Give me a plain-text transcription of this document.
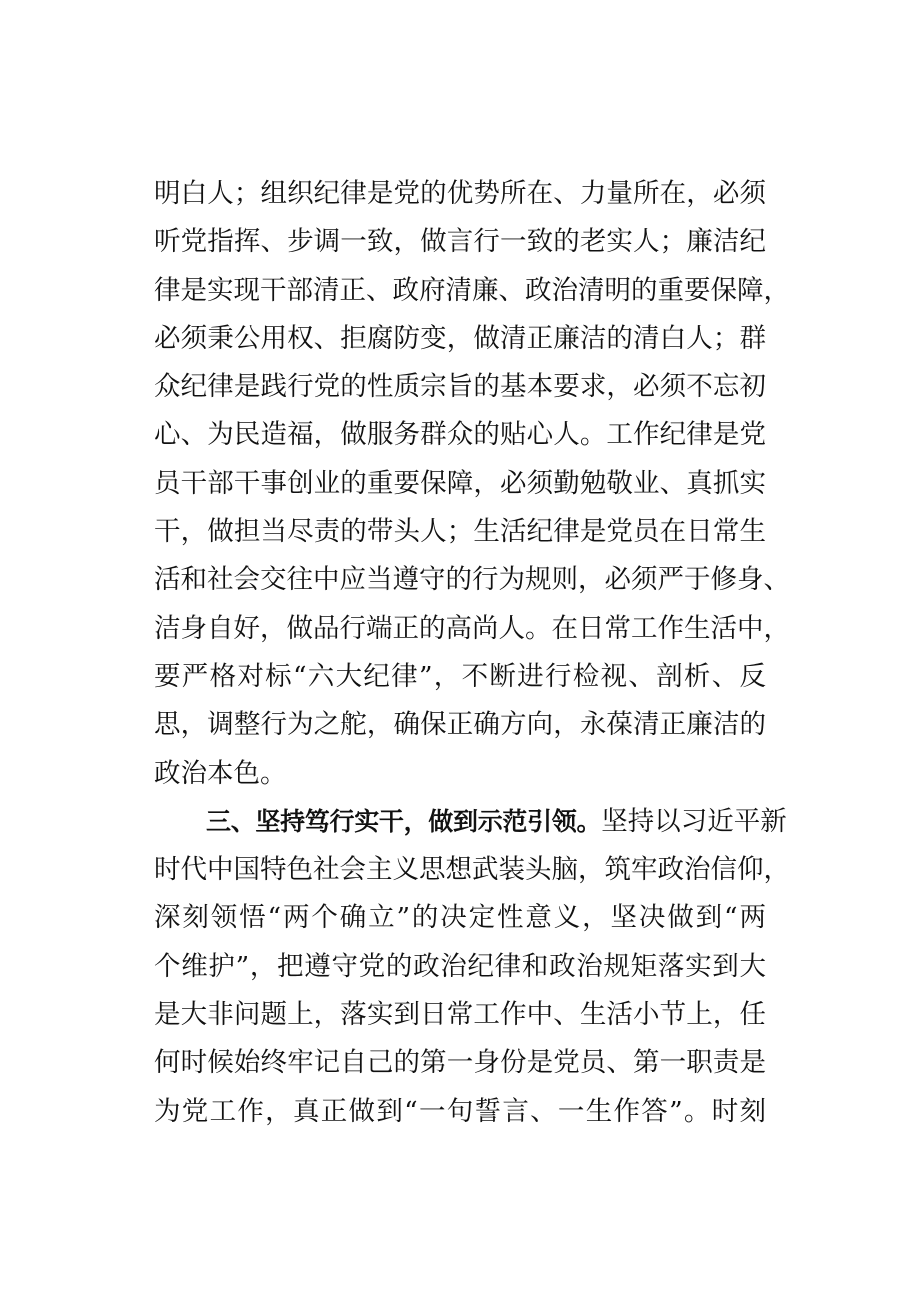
明白人；组织纪律是党的优势所在、力量所在，必须
听党指挥、步调一致，做言行一致的老实人；廉洁纪
律是实现干部清正、政府清廉、政治清明的重要保障，
必须秉公用权、拒腐防变，做清正廉洁的清白人；群
众纪律是践行党的性质宗旨的基本要求，必须不忘初
心、为民造福，做服务群众的贴心人。工作纪律是党
员干部干事创业的重要保障，必须勤勉敬业、真抓实
干，做担当尽责的带头人；生活纪律是党员在日常生
活和社会交往中应当遵守的行为规则，必须严于修身、
洁身自好，做品行端正的高尚人。在日常工作生活中，
要严格对标“六大纪律”，不断进行检视、剖析、反
思，调整行为之舵，确保正确方向，永葆清正廉洁的
政治本色。
三、坚持笃行实干，做到示范引领。坚持以习近平新
时代中国特色社会主义思想武装头脑，筑牢政治信仰，
深刻领悟“两个确立”的决定性意义，坚决做到“两
个维护”，把遵守党的政治纪律和政治规矩落实到大
是大非问题上，落实到日常工作中、生活小节上，任
何时候始终牢记自己的第一身份是党员、第一职责是
为党工作，真正做到“一句誓言、一生作答”。时刻
